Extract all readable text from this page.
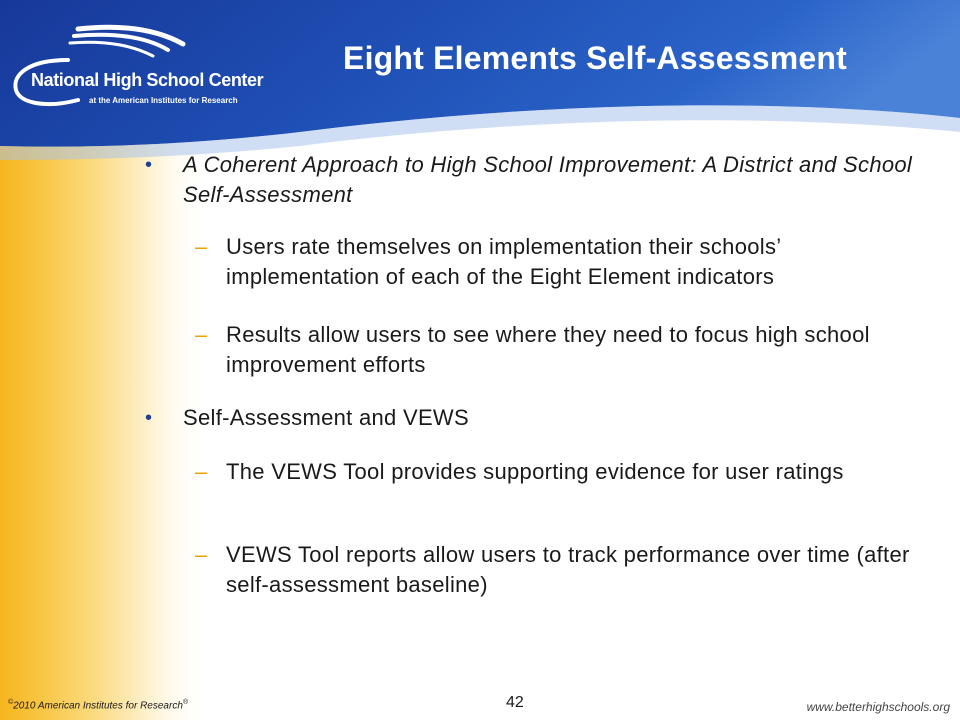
National High School Center
at the American Institutes for Research
Eight Elements Self-Assessment
•	A Coherent Approach to High School Improvement: A District and School Self-Assessment
– Users rate themselves on implementation their schools’ implementation of each of the Eight Element indicators
– Results allow users to see where they need to focus high school improvement efforts
•	Self-Assessment and VEWS
– The VEWS Tool provides supporting evidence for user ratings
– VEWS Tool reports allow users to track performance over time (after self-assessment baseline)
©2010 American Institutes for Research®	42	www.betterhighschools.org
